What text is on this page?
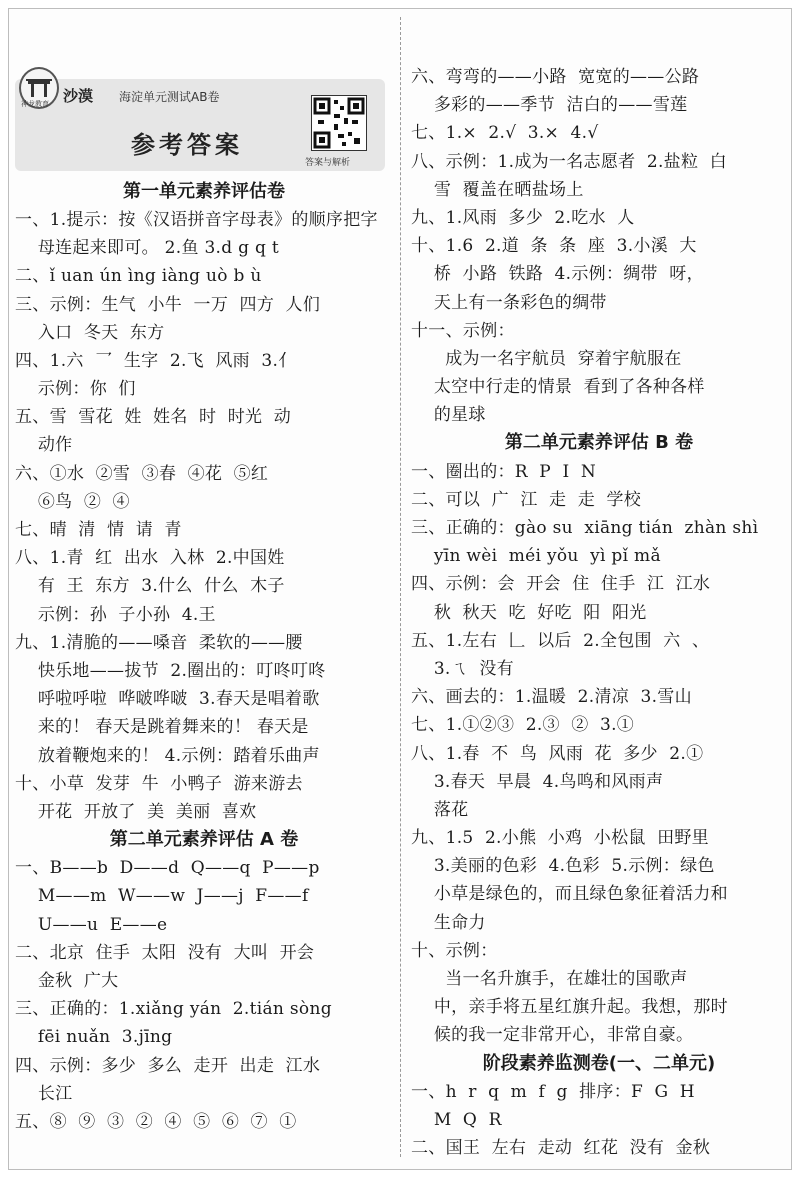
神龙教育 沙漠 海淀单元测试AB卷
参考答案
答案与解析
第一单元素养评估卷
一、1.提示：按《汉语拼音字母表》的顺序把字
母连起来即可。 2.鱼 3.d g q t
二、ǐ uan ún ìng iàng uò b ù
三、示例：生气  小牛  一万  四方  人们
入口  冬天  东方
四、1.六  乛  生字  2.飞  风雨  3.亻
示例：你  们
五、雪  雪花  姓  姓名  时  时光  动
动作
六、①水  ②雪  ③春  ④花  ⑤红
⑥鸟  ②  ④
七、晴  清  情  请  青
八、1.青  红  出水  入林  2.中国姓
有  王  东方  3.什么  什么  木子
示例：孙  子小孙  4.王
九、1.清脆的——嗓音  柔软的——腰
快乐地——拔节  2.圈出的：叮咚叮咚
呼啦呼啦  哗啵哗啵  3.春天是唱着歌
来的！ 春天是跳着舞来的！ 春天是
放着鞭炮来的！ 4.示例：踏着乐曲声
十、小草  发芽  牛  小鸭子  游来游去
开花  开放了  美  美丽  喜欢
第二单元素养评估 A 卷
一、B——b  D——d  Q——q  P——p
M——m  W——w  J——j  F——f
U——u  E——e
二、北京  住手  太阳  没有  大叫  开会
金秋  广大
三、正确的：1.xiǎng yán  2.tián sòng
fēi nuǎn  3.jīng
四、示例：多少  多么  走开  出走  江水
长江
五、⑧  ⑨  ③  ②  ④  ⑤  ⑥  ⑦  ①
六、弯弯的——小路  宽宽的——公路
多彩的——季节  洁白的——雪莲
七、1.×  2.√  3.×  4.√
八、示例：1.成为一名志愿者  2.盐粒  白
雪  覆盖在晒盐场上
九、1.风雨  多少  2.吃水  人
十、1.6  2.道  条  条  座  3.小溪  大
桥  小路  铁路  4.示例：绸带  呀，
天上有一条彩色的绸带
十一、示例：
成为一名宇航员  穿着宇航服在
太空中行走的情景  看到了各种各样
的星球
第二单元素养评估 B 卷
一、圈出的：R  P  I  N
二、可以  广  江  走  走  学校
三、正确的：gào su  xiāng tián  zhàn shì
yīn wèi  méi yǒu  yì pǐ mǎ
四、示例：会  开会  住  住手  江  江水
秋  秋天  吃  好吃  阳  阳光
五、1.左右  𠃊  以后  2.全包围  六  、
3.ㄟ  没有
六、画去的：1.温暖  2.清凉  3.雪山
七、1.①②③  2.③  ②  3.①
八、1.春  不  鸟  风雨  花  多少  2.①
3.春天  早晨  4.鸟鸣和风雨声
落花
九、1.5  2.小熊  小鸡  小松鼠  田野里
3.美丽的色彩  4.色彩  5.示例：绿色
小草是绿色的，而且绿色象征着活力和
生命力
十、示例：
当一名升旗手，在雄壮的国歌声
中，亲手将五星红旗升起。我想，那时
候的我一定非常开心，非常自豪。
阶段素养监测卷(一、二单元)
一、h  r  q  m  f  g  排序：F  G  H
M  Q  R
二、国王  左右  走动  红花  没有  金秋
